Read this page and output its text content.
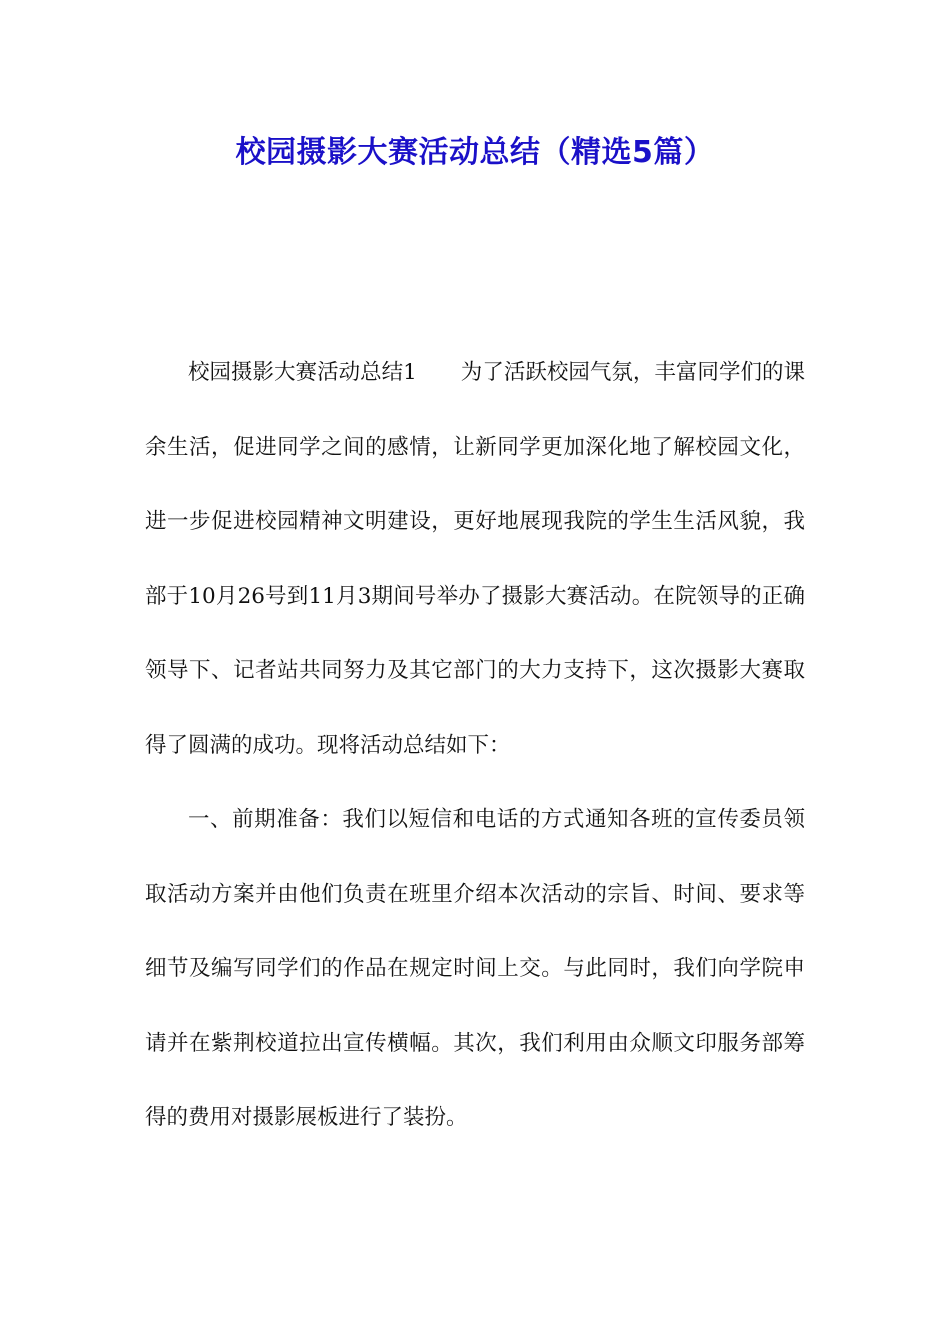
校园摄影大赛活动总结（精选5篇）

校园摄影大赛活动总结1 为了活跃校园气氛，丰富同学们的课余生活，促进同学之间的感情，让新同学更加深化地了解校园文化，进一步促进校园精神文明建设，更好地展现我院的学生生活风貌，我部于10月26号到11月3期间号举办了摄影大赛活动。在院领导的正确领导下、记者站共同努力及其它部门的大力支持下，这次摄影大赛取得了圆满的成功。现将活动总结如下：

一、前期准备：我们以短信和电话的方式通知各班的宣传委员领取活动方案并由他们负责在班里介绍本次活动的宗旨、时间、要求等细节及编写同学们的作品在规定时间上交。与此同时，我们向学院申请并在紫荆校道拉出宣传横幅。其次，我们利用由众顺文印服务部筹得的费用对摄影展板进行了装扮。
